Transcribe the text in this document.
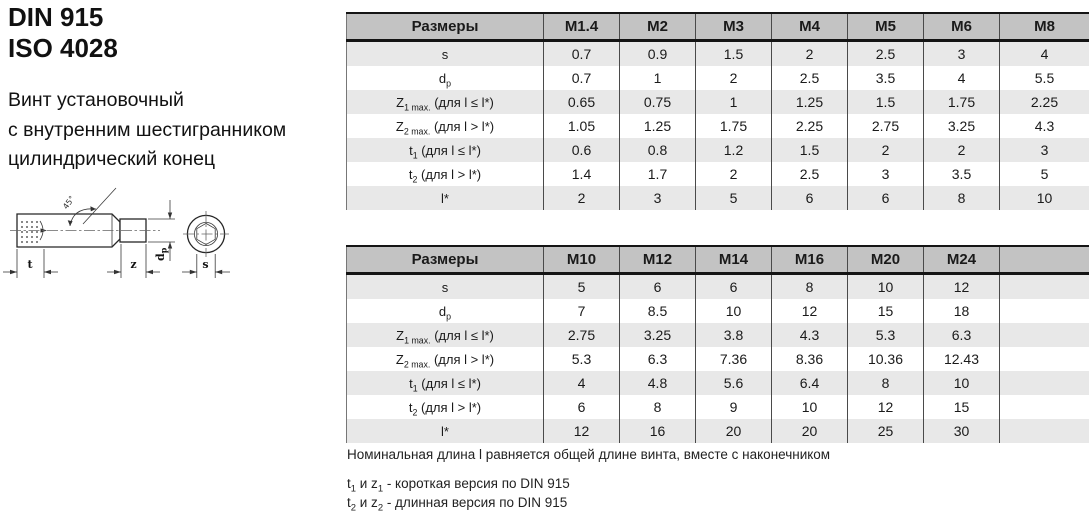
DIN 915
ISO 4028
Винт установочный
с внутренним шестигранником
цилиндрический конец
45°
t	z
$d_p$
s
Размеры	M1.4	M2	M3	M4	M5	M6	M8
s	0.7	0.9	1.5	2	2.5	3	4
$d_p$	0.7	1	2	2.5	3.5	4	5.5
$Z_{1 max.}$ (для l ≤ l*)	0.65	0.75	1	1.25	1.5	1.75	2.25
$Z_{2 max.}$ (для l > l*)	1.05	1.25	1.75	2.25	2.75	3.25	4.3
$t_1$ (для l ≤ l*)	0.6	0.8	1.2	1.5	2	2	3
$t_2$ (для l > l*)	1.4	1.7	2	2.5	3	3.5	5
l*	2	3	5	6	6	8	10
Размеры	M10	M12	M14	M16	M20	M24	
s	5	6	6	8	10	12	
$d_p$	7	8.5	10	12	15	18	
$Z_{1 max.}$ (для l ≤ l*)	2.75	3.25	3.8	4.3	5.3	6.3	
$Z_{2 max.}$ (для l > l*)	5.3	6.3	7.36	8.36	10.36	12.43	
$t_1$ (для l ≤ l*)	4	4.8	5.6	6.4	8	10	
$t_2$ (для l > l*)	6	8	9	10	12	15	
l*	12	16	20	20	25	30	

Номинальная длина l равняется общей длине винта, вместе с наконечником

$t_1$ и $z_1$ - короткая версия по DIN 915

$t_2$ и $z_2$ - длинная версия по DIN 915
